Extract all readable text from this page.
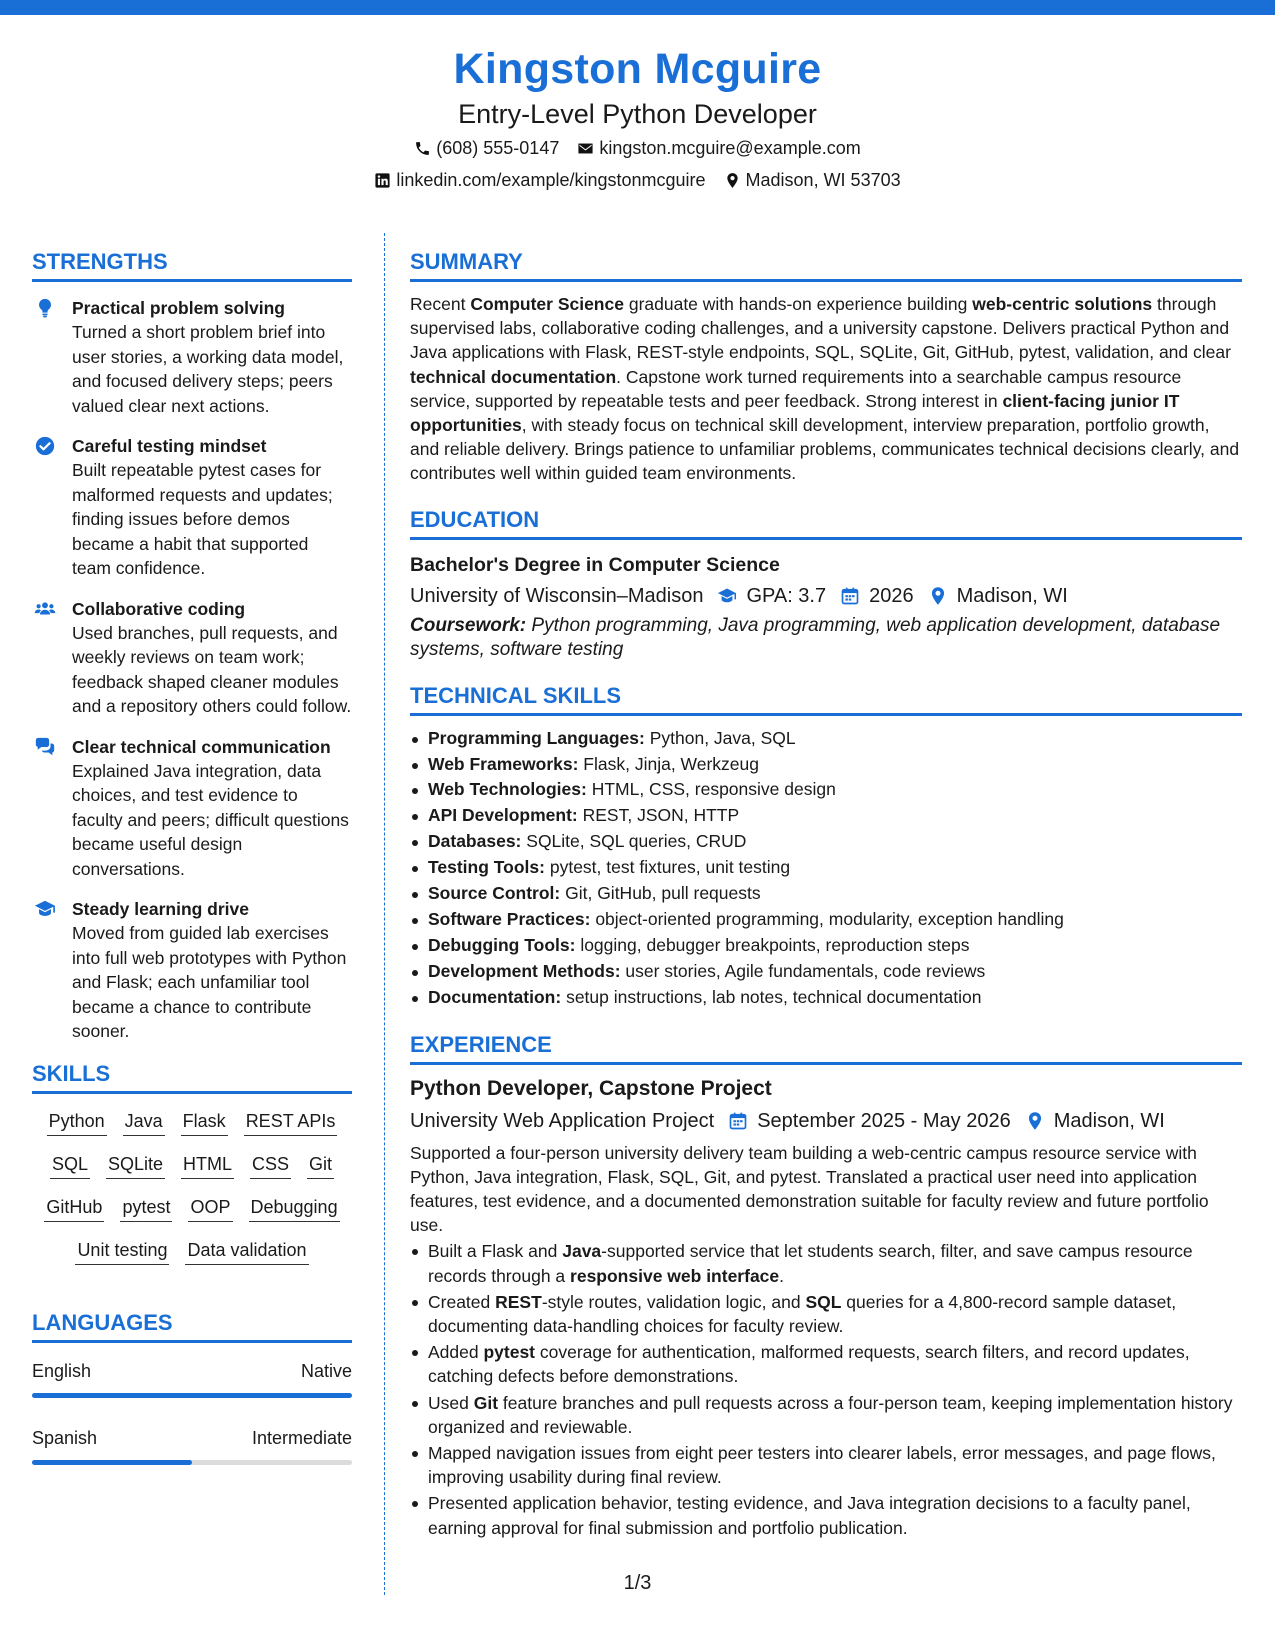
Kingston Mcguire
Entry-Level Python Developer
(608) 555-0147 kingston.mcguire@example.com
linkedin.com/example/kingstonmcguire Madison, WI 53703
STRENGTHS
Practical problem solving
Turned a short problem brief into user stories, a working data model, and focused delivery steps; peers valued clear next actions.
Careful testing mindset
Built repeatable pytest cases for malformed requests and updates; finding issues before demos became a habit that supported team confidence.
Collaborative coding
Used branches, pull requests, and weekly reviews on team work; feedback shaped cleaner modules and a repository others could follow.
Clear technical communication
Explained Java integration, data choices, and test evidence to faculty and peers; difficult questions became useful design conversations.
Steady learning drive
Moved from guided lab exercises into full web prototypes with Python and Flask; each unfamiliar tool became a chance to contribute sooner.
SKILLS
Python Java Flask REST APIs
SQL SQLite HTML CSS Git
GitHub pytest OOP Debugging
Unit testing Data validation
LANGUAGES
English	Native
Spanish	Intermediate
SUMMARY
Recent Computer Science graduate with hands-on experience building web-centric solutions through supervised labs, collaborative coding challenges, and a university capstone. Delivers practical Python and Java applications with Flask, REST-style endpoints, SQL, SQLite, Git, GitHub, pytest, validation, and clear technical documentation. Capstone work turned requirements into a searchable campus resource service, supported by repeatable tests and peer feedback. Strong interest in client-facing junior IT opportunities, with steady focus on technical skill development, interview preparation, portfolio growth, and reliable delivery. Brings patience to unfamiliar problems, communicates technical decisions clearly, and contributes well within guided team environments.
EDUCATION
Bachelor's Degree in Computer Science
University of Wisconsin–Madison GPA: 3.7 2026 Madison, WI
Coursework: Python programming, Java programming, web application development, database systems, software testing
TECHNICAL SKILLS
Programming Languages: Python, Java, SQL
Web Frameworks: Flask, Jinja, Werkzeug
Web Technologies: HTML, CSS, responsive design
API Development: REST, JSON, HTTP
Databases: SQLite, SQL queries, CRUD
Testing Tools: pytest, test fixtures, unit testing
Source Control: Git, GitHub, pull requests
Software Practices: object-oriented programming, modularity, exception handling
Debugging Tools: logging, debugger breakpoints, reproduction steps
Development Methods: user stories, Agile fundamentals, code reviews
Documentation: setup instructions, lab notes, technical documentation
EXPERIENCE
Python Developer, Capstone Project
University Web Application Project September 2025 - May 2026 Madison, WI
Supported a four-person university delivery team building a web-centric campus resource service with Python, Java integration, Flask, SQL, Git, and pytest. Translated a practical user need into application features, test evidence, and a documented demonstration suitable for faculty review and future portfolio use.
Built a Flask and Java-supported service that let students search, filter, and save campus resource records through a responsive web interface.
Created REST-style routes, validation logic, and SQL queries for a 4,800-record sample dataset, documenting data-handling choices for faculty review.
Added pytest coverage for authentication, malformed requests, search filters, and record updates, catching defects before demonstrations.
Used Git feature branches and pull requests across a four-person team, keeping implementation history organized and reviewable.
Mapped navigation issues from eight peer testers into clearer labels, error messages, and page flows, improving usability during final review.
Presented application behavior, testing evidence, and Java integration decisions to a faculty panel, earning approval for final submission and portfolio publication.
1/3
